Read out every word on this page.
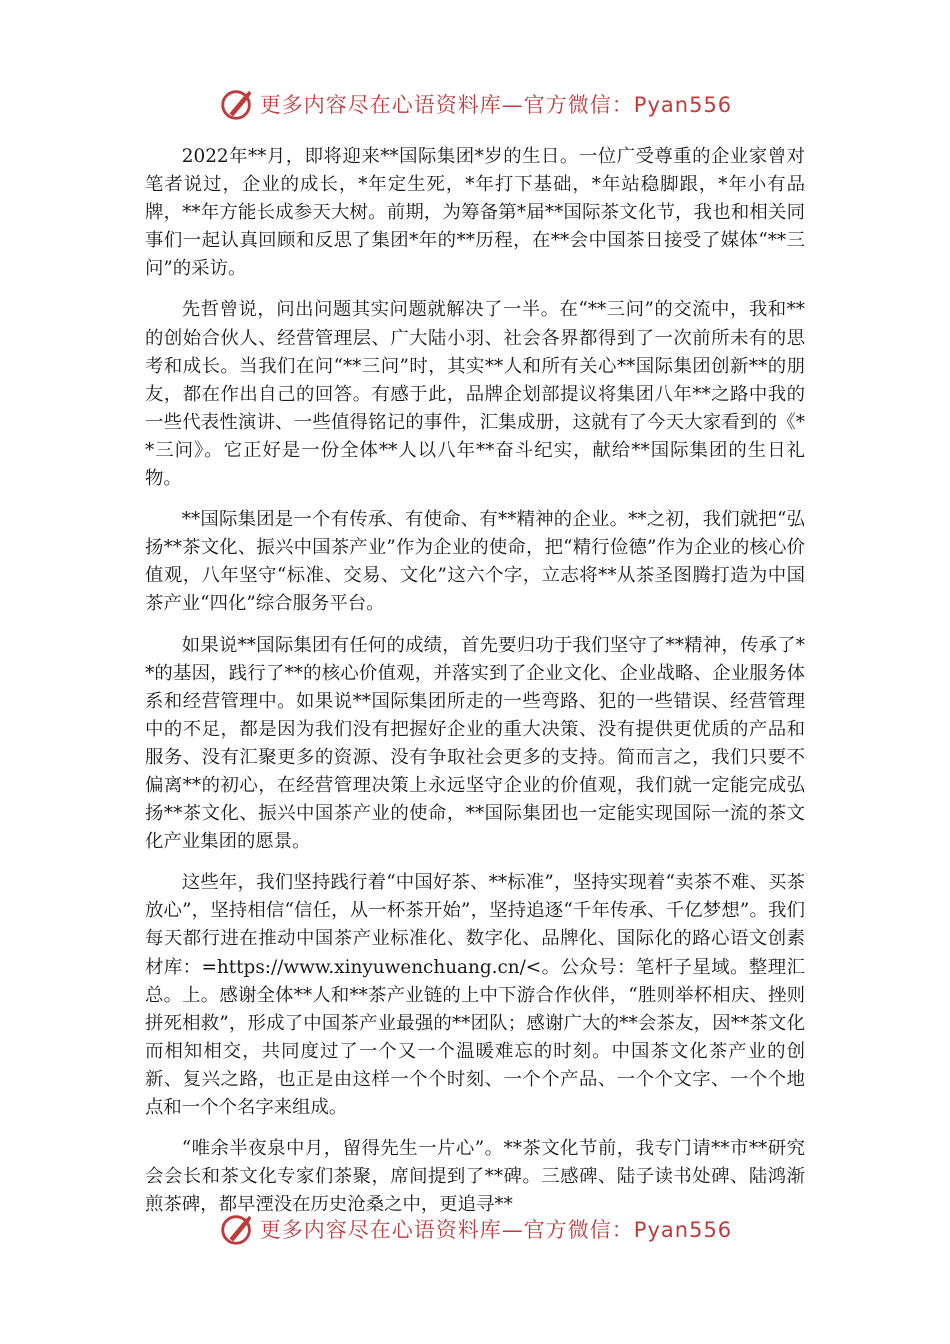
更多内容尽在心语资料库—官方微信：Pyan556

2022年**月，即将迎来**国际集团*岁的生日。一位广受尊重的企业家曾对笔者说过，企业的成长，*年定生死，*年打下基础，*年站稳脚跟，*年小有品牌，**年方能长成参天大树。前期，为筹备第*届**国际茶文化节，我也和相关同事们一起认真回顾和反思了集团*年的**历程，在**会中国茶日接受了媒体“**三问”的采访。

先哲曾说，问出问题其实问题就解决了一半。在“**三问”的交流中，我和**的创始合伙人、经营管理层、广大陆小羽、社会各界都得到了一次前所未有的思考和成长。当我们在问“**三问”时，其实**人和所有关心**国际集团创新**的朋友，都在作出自己的回答。有感于此，品牌企划部提议将集团八年**之路中我的一些代表性演讲、一些值得铭记的事件，汇集成册，这就有了今天大家看到的《**三问》。它正好是一份全体**人以八年**奋斗纪实，献给**国际集团的生日礼物。

**国际集团是一个有传承、有使命、有**精神的企业。**之初，我们就把“弘扬**茶文化、振兴中国茶产业”作为企业的使命，把“精行俭德”作为企业的核心价值观，八年坚守“标准、交易、文化”这六个字，立志将**从茶圣图腾打造为中国茶产业“四化”综合服务平台。

如果说**国际集团有任何的成绩，首先要归功于我们坚守了**精神，传承了**的基因，践行了**的核心价值观，并落实到了企业文化、企业战略、企业服务体系和经营管理中。如果说**国际集团所走的一些弯路、犯的一些错误、经营管理中的不足，都是因为我们没有把握好企业的重大决策、没有提供更优质的产品和服务、没有汇聚更多的资源、没有争取社会更多的支持。简而言之，我们只要不偏离**的初心，在经营管理决策上永远坚守企业的价值观，我们就一定能完成弘扬**茶文化、振兴中国茶产业的使命，**国际集团也一定能实现国际一流的茶文化产业集团的愿景。

这些年，我们坚持践行着“中国好茶、**标准”，坚持实现着“卖茶不难、买茶放心”，坚持相信“信任，从一杯茶开始”，坚持追逐“千年传承、千亿梦想”。我们每天都行进在推动中国茶产业标准化、数字化、品牌化、国际化的路心语文创素材库：=https://www.xinyuwenchuang.cn/<。公众号：笔杆子星域。整理汇总。上。感谢全体**人和**茶产业链的上中下游合作伙伴，“胜则举杯相庆、挫则拼死相救”，形成了中国茶产业最强的**团队；感谢广大的**会茶友，因**茶文化而相知相交，共同度过了一个又一个温暖难忘的时刻。中国茶文化茶产业的创新、复兴之路，也正是由这样一个个时刻、一个个产品、一个个文字、一个个地点和一个个名字来组成。

“唯余半夜泉中月，留得先生一片心”。**茶文化节前，我专门请**市**研究会会长和茶文化专家们茶聚，席间提到了**碑。三感碑、陆子读书处碑、陆鸿渐煎茶碑，都早湮没在历史沧桑之中，更追寻**

更多内容尽在心语资料库—官方微信：Pyan556
